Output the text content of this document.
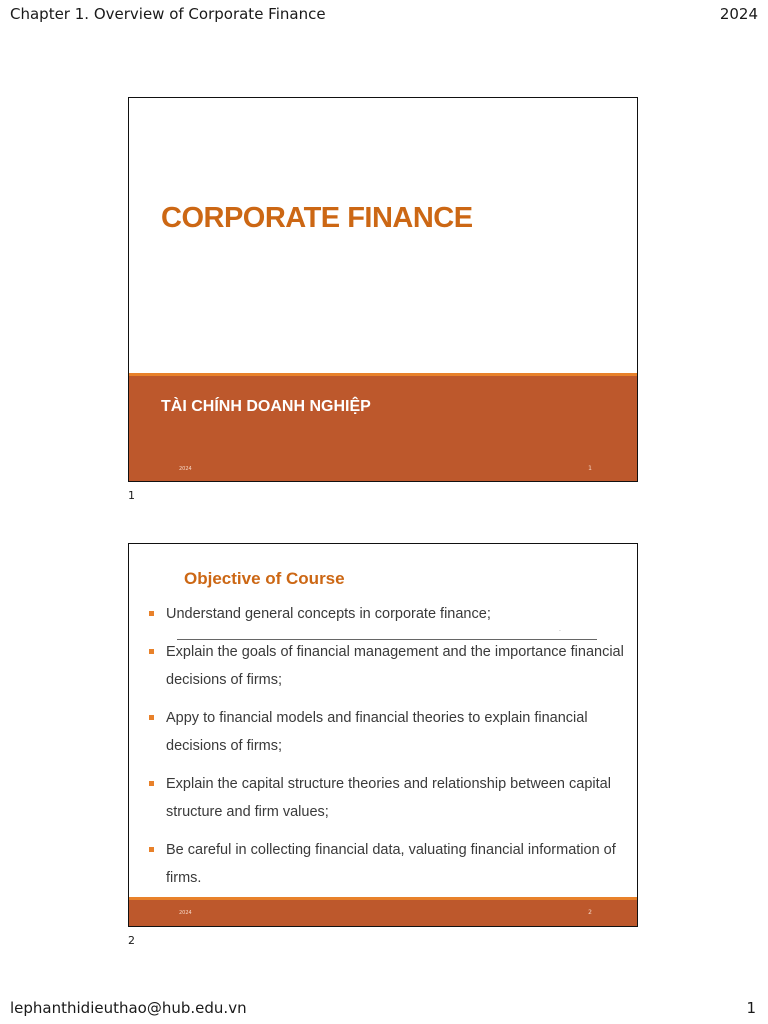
Chapter 1. Overview of Corporate Finance	2024
CORPORATE FINANCE
TÀI CHÍNH DOANH NGHIỆP
2024	1
1
Objective of Course
·
Understand general concepts in corporate finance;
Explain the goals of financial management and the importance financial decisions of firms;
Appy to financial models and financial theories to explain financial decisions of firms;
Explain the capital structure theories and relationship between capital structure and firm values;
Be careful in collecting financial data, valuating financial information of firms.
2024	2
2
lephanthidieuthao@hub.edu.vn	1
